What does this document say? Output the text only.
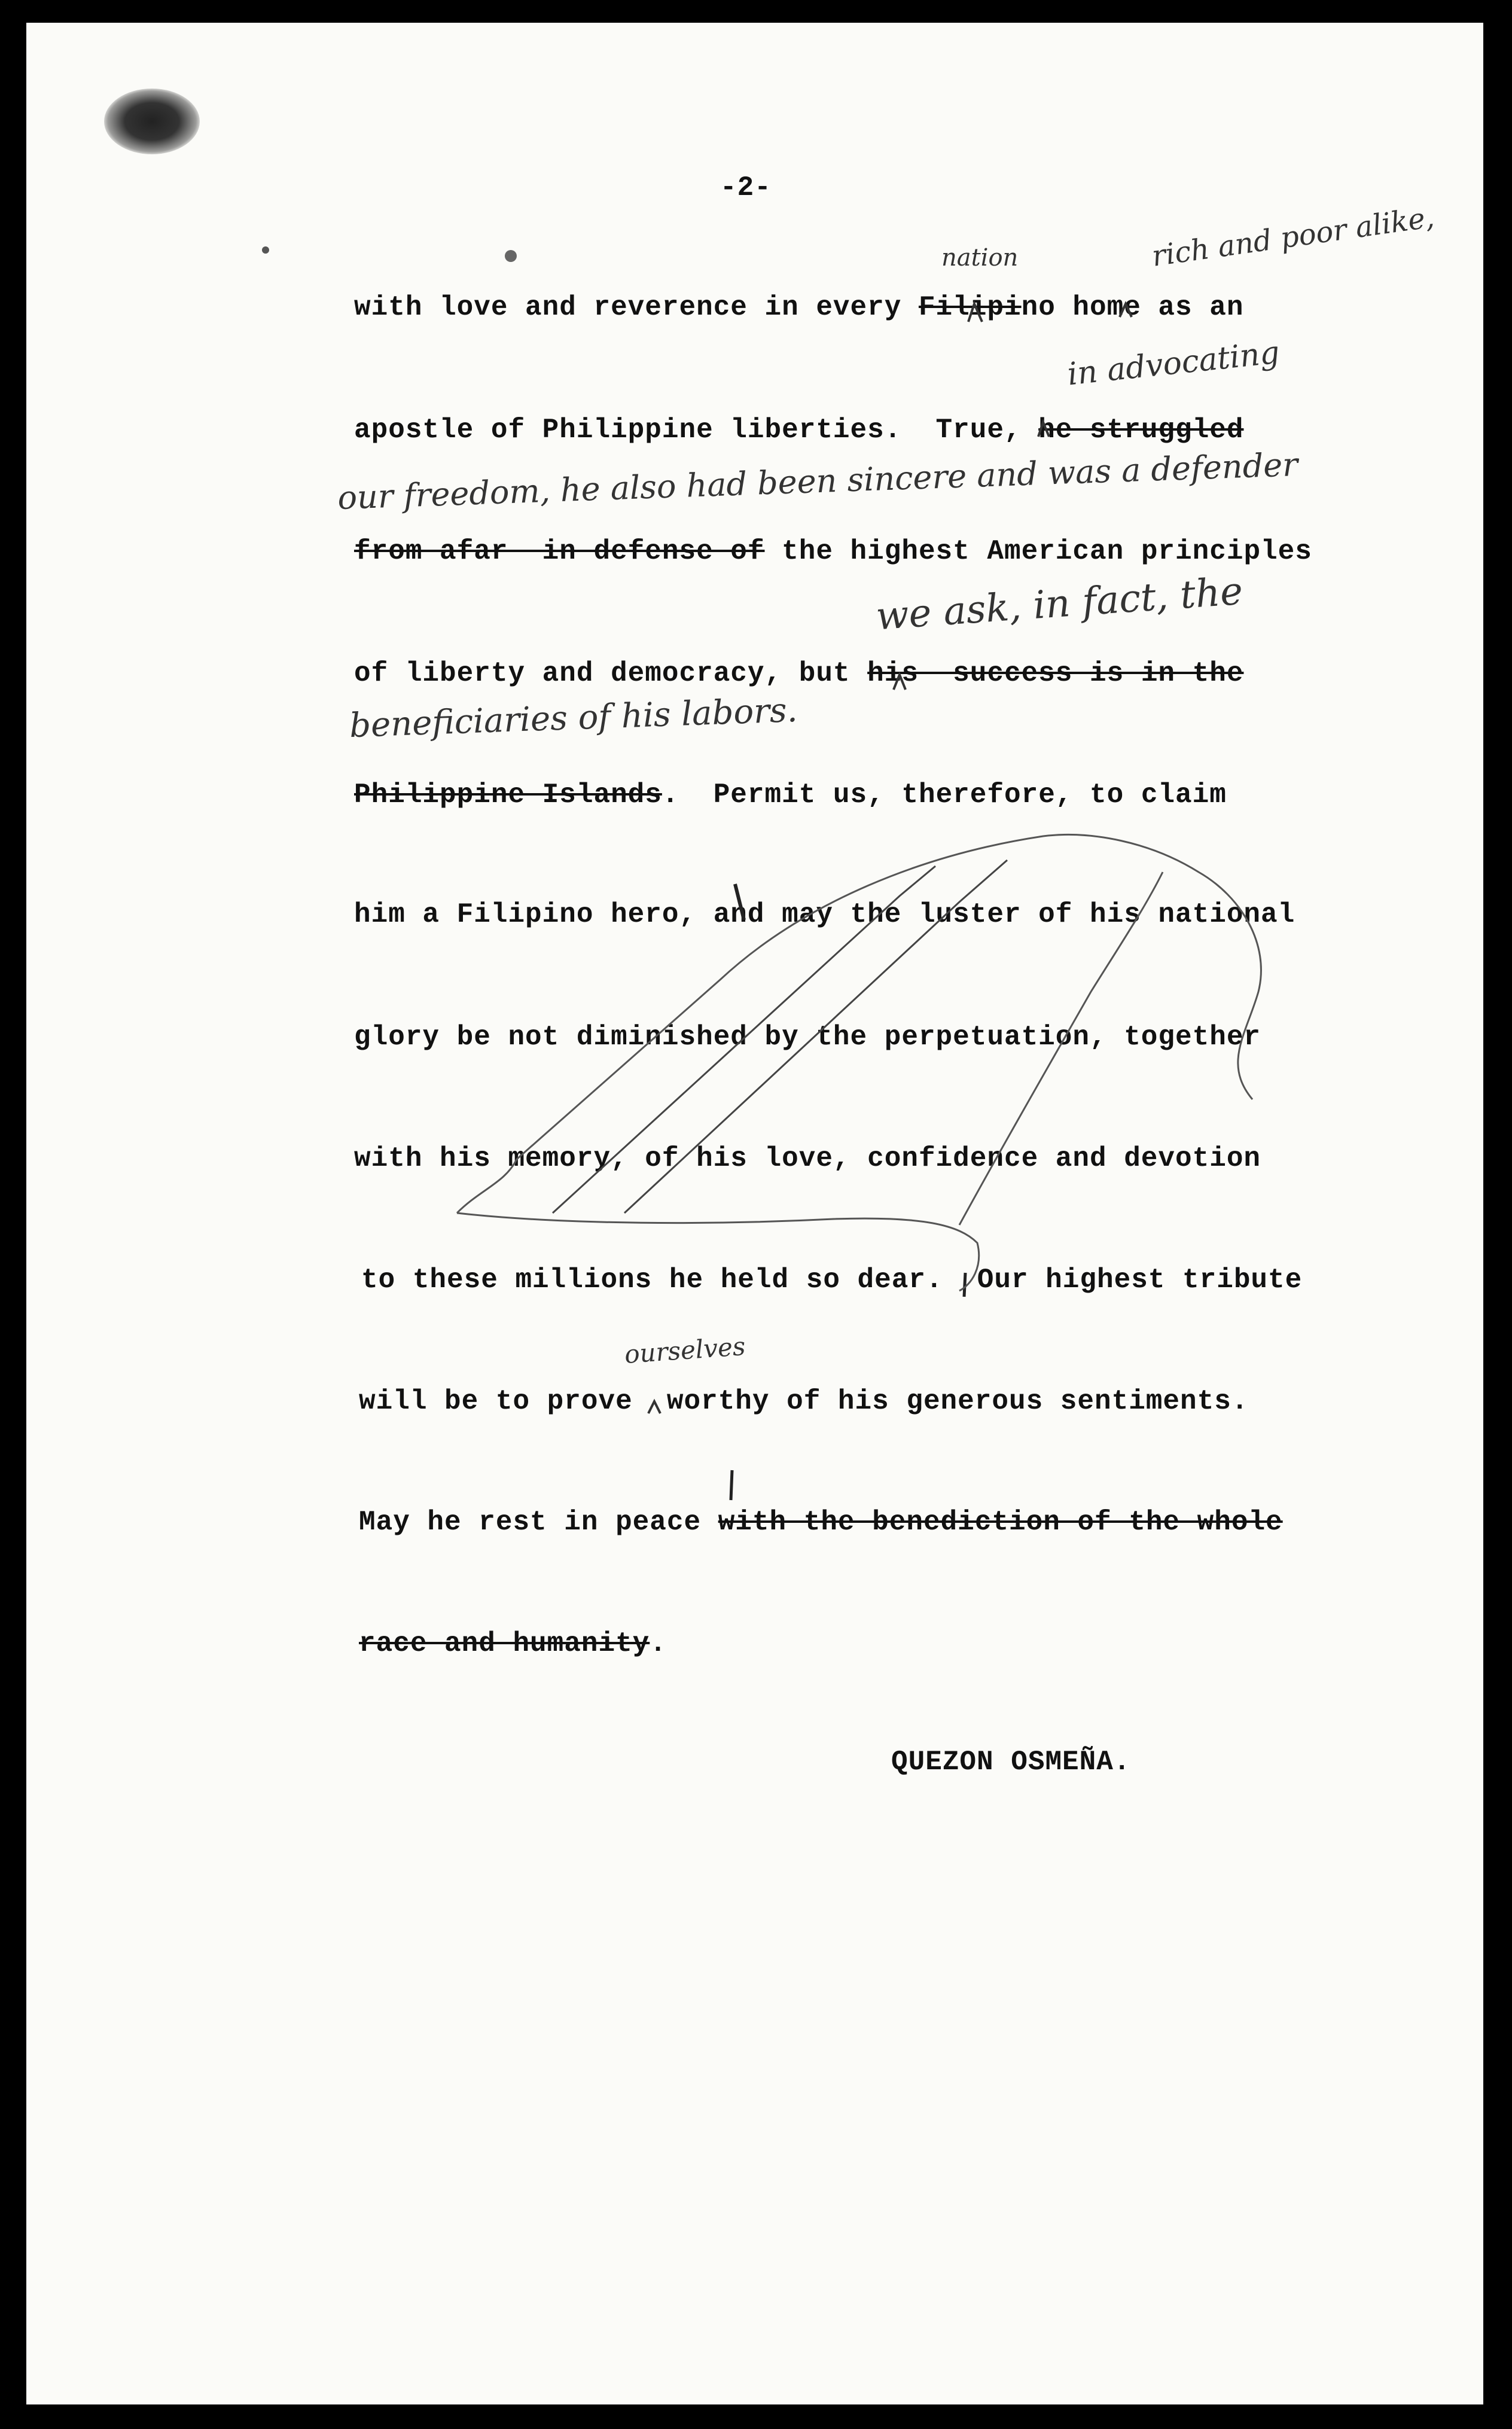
-2-
with love and reverence in every Filipino home as an
apostle of Philippine liberties.  True, he struggled
from afar  in defense of the highest American principles
of liberty and democracy, but his  success is in the
Philippine Islands.  Permit us, therefore, to claim
him a Filipino hero, and may the luster of his national
glory be not diminished by the perpetuation, together
with his memory, of his love, confidence and devotion
to these millions he held so dear.  Our highest tribute
will be to prove  worthy of his generous sentiments.
May he rest in peace with the benediction of the whole
race and humanity.
QUEZON OSMEÑA.
nation	rich and poor alike,
in advocating
our freedom, he also had been sincere and was a defender
we ask, in fact, the
beneficiaries of his labors.
ourselves
